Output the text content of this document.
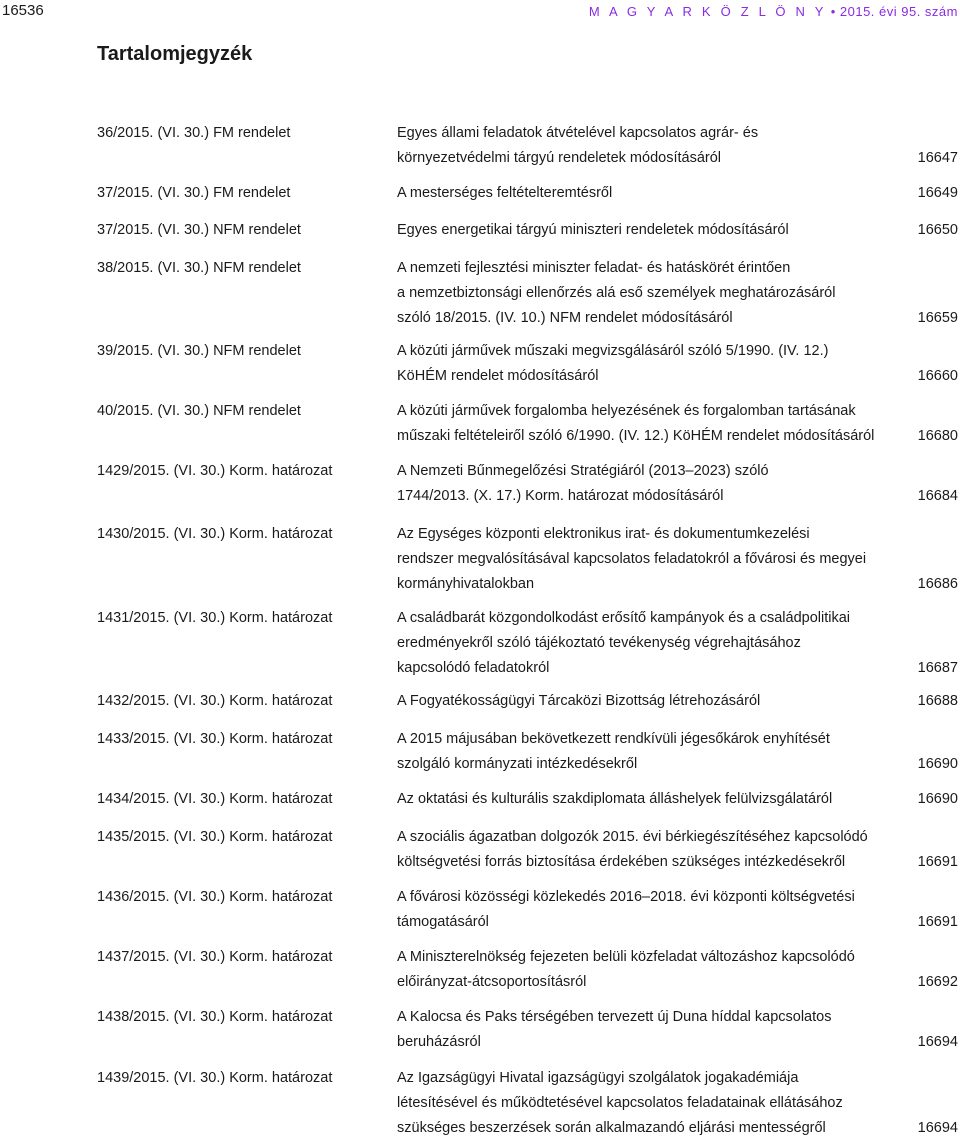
16536	M A G Y A R K Ö Z L Ö N Y • 2015. évi 95. szám
Tartalomjegyzék
36/2015. (VI. 30.) FM rendelet	Egyes állami feladatok átvételével kapcsolatos agrár- és
környezetvédelmi tárgyú rendeletek módosításáról	16647
37/2015. (VI. 30.) FM rendelet	A mesterséges feltételteremtésről	16649
37/2015. (VI. 30.) NFM rendelet	Egyes energetikai tárgyú miniszteri rendeletek módosításáról	16650
38/2015. (VI. 30.) NFM rendelet	A nemzeti fejlesztési miniszter feladat- és hatáskörét érintően
a nemzetbiztonsági ellenőrzés alá eső személyek meghatározásáról
szóló 18/2015. (IV. 10.) NFM rendelet módosításáról	16659
39/2015. (VI. 30.) NFM rendelet	A közúti járművek műszaki megvizsgálásáról szóló 5/1990. (IV. 12.)
KöHÉM rendelet módosításáról	16660
40/2015. (VI. 30.) NFM rendelet	A közúti járművek forgalomba helyezésének és forgalomban tartásának
műszaki feltételeiről szóló 6/1990. (IV. 12.) KöHÉM rendelet módosításáról	16680
1429/2015. (VI. 30.) Korm. határozat	A Nemzeti Bűnmegelőzési Stratégiáról (2013–2023) szóló
1744/2013. (X. 17.) Korm. határozat módosításáról	16684
1430/2015. (VI. 30.) Korm. határozat	Az Egységes központi elektronikus irat- és dokumentumkezelési
rendszer megvalósításával kapcsolatos feladatokról a fővárosi és megyei
kormányhivatalokban	16686
1431/2015. (VI. 30.) Korm. határozat	A családbarát közgondolkodást erősítő kampányok és a családpolitikai
eredményekről szóló tájékoztató tevékenység végrehajtásához
kapcsolódó feladatokról	16687
1432/2015. (VI. 30.) Korm. határozat	A Fogyatékosságügyi Tárcaközi Bizottság létrehozásáról	16688
1433/2015. (VI. 30.) Korm. határozat	A 2015 májusában bekövetkezett rendkívüli jégesőkárok enyhítését
szolgáló kormányzati intézkedésekről	16690
1434/2015. (VI. 30.) Korm. határozat	Az oktatási és kulturális szakdiplomata álláshelyek felülvizsgálatáról	16690
1435/2015. (VI. 30.) Korm. határozat	A szociális ágazatban dolgozók 2015. évi bérkiegészítéséhez kapcsolódó
költségvetési forrás biztosítása érdekében szükséges intézkedésekről	16691
1436/2015. (VI. 30.) Korm. határozat	A fővárosi közösségi közlekedés 2016–2018. évi központi költségvetési
támogatásáról	16691
1437/2015. (VI. 30.) Korm. határozat	A Miniszterelnökség fejezeten belüli közfeladat változáshoz kapcsolódó
előirányzat-átcsoportosításról	16692
1438/2015. (VI. 30.) Korm. határozat	A Kalocsa és Paks térségében tervezett új Duna híddal kapcsolatos
beruházásról	16694
1439/2015. (VI. 30.) Korm. határozat	Az Igazságügyi Hivatal igazságügyi szolgálatok jogakadémiája
létesítésével és működtetésével kapcsolatos feladatainak ellátásához
szükséges beszerzések során alkalmazandó eljárási mentességről	16694
